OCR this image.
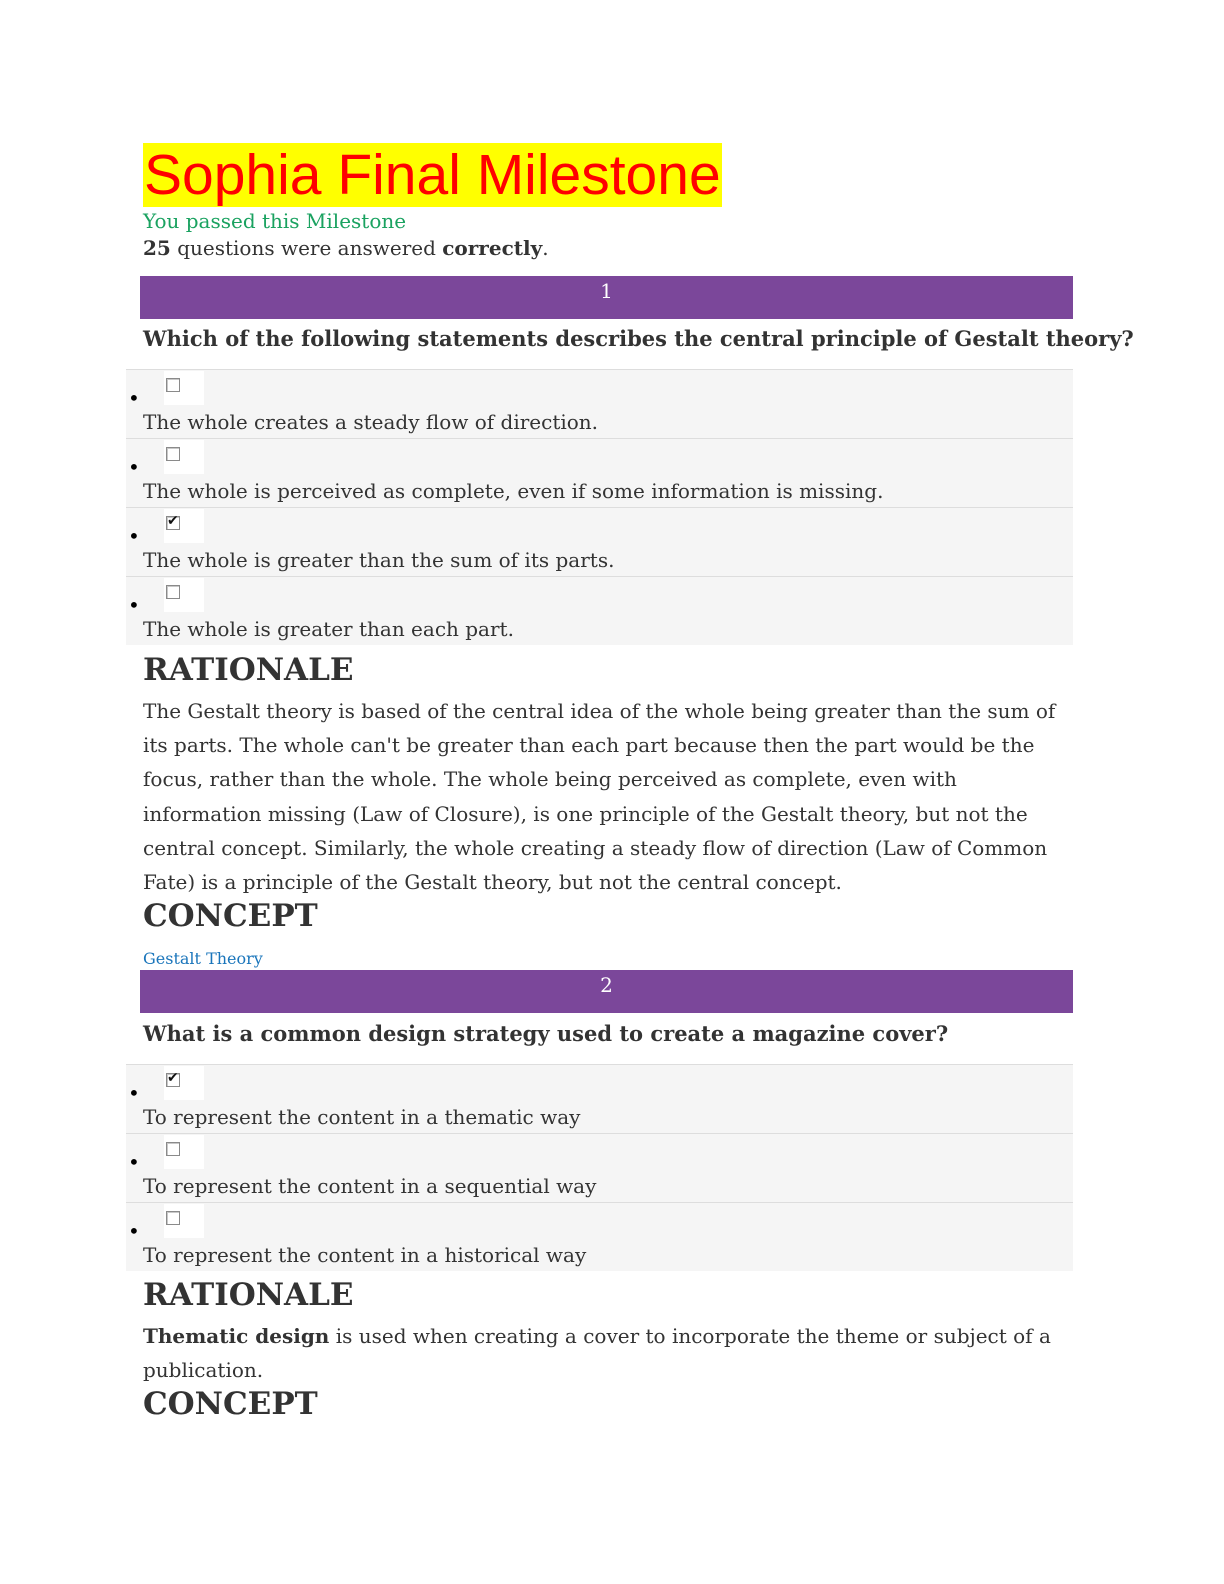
Sophia Final Milestone
You passed this Milestone
25 questions were answered correctly.
1
Which of the following statements describes the central principle of Gestalt theory?
•
The whole creates a steady flow of direction.
•
The whole is perceived as complete, even if some information is missing.
•
✔
The whole is greater than the sum of its parts.
•
The whole is greater than each part.
RATIONALE

The Gestalt theory is based of the central idea of the whole being greater than the sum of its parts. The whole can't be greater than each part because then the part would be the focus, rather than the whole. The whole being perceived as complete, even with information missing (Law of Closure), is one principle of the Gestalt theory, but not the central concept. Similarly, the whole creating a steady flow of direction (Law of Common Fate) is a principle of the Gestalt theory, but not the central concept.

CONCEPT
Gestalt Theory
2
What is a common design strategy used to create a magazine cover?
•
✔
To represent the content in a thematic way
•
To represent the content in a sequential way
•
To represent the content in a historical way
RATIONALE

Thematic design is used when creating a cover to incorporate the theme or subject of a publication.

CONCEPT
